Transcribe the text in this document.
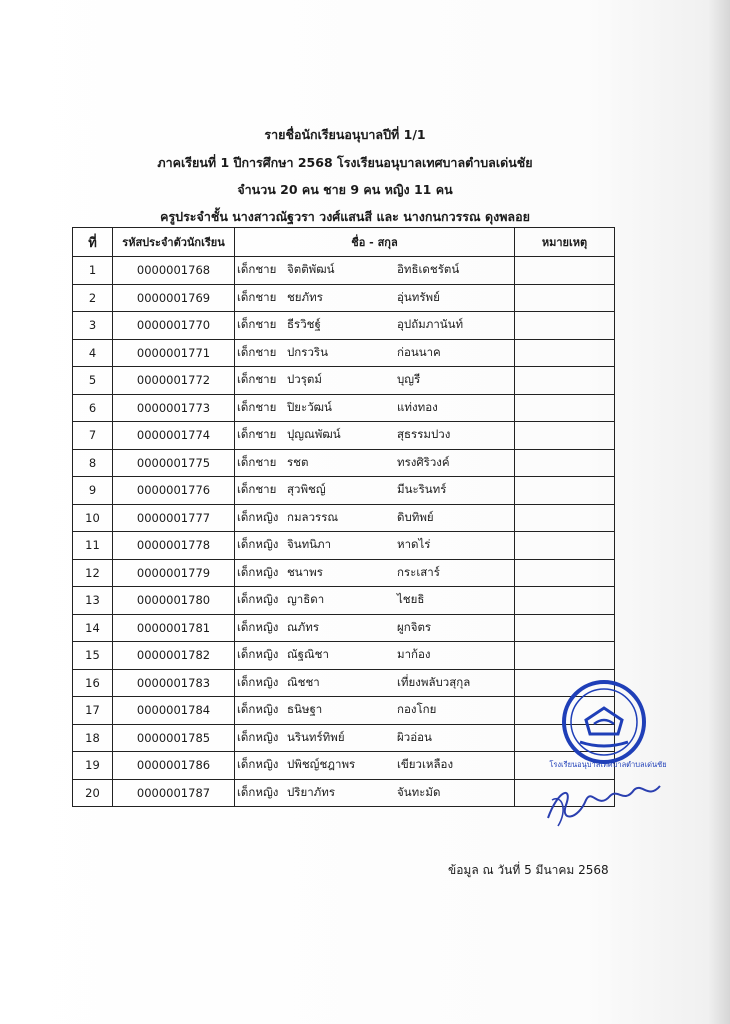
รายชื่อนักเรียนอนุบาลปีที่ 1/1
ภาคเรียนที่ 1 ปีการศึกษา 2568 โรงเรียนอนุบาลเทศบาลตำบลเด่นชัย
จำนวน 20 คน ชาย 9 คน หญิง 11 คน
ครูประจำชั้น นางสาวณัฐวรา วงศ์แสนสี และ นางกนกวรรณ ดุงพลอย
ที่	รหัสประจำตัวนักเรียน	ชื่อ - สกุล	หมายเหตุ
1	0000001768	เด็กชาย จิตติพัฒน์ อิทธิเดชรัตน์	

2	0000001769	เด็กชาย ชยภัทร อุ่นทรัพย์	

3	0000001770	เด็กชาย ธีรวิชฐ์ อุปถัมภานันท์	

4	0000001771	เด็กชาย ปกรวริน ก่อนนาค	

5	0000001772	เด็กชาย ปวรุตม์ บุญรี	

6	0000001773	เด็กชาย ปิยะวัฒน์ แท่งทอง	

7	0000001774	เด็กชาย ปุญณพัฒน์ สุธรรมปวง	

8	0000001775	เด็กชาย รชต ทรงศิริวงค์	

9	0000001776	เด็กชาย สุวพิชญ์ มีนะรินทร์	

10	0000001777	เด็กหญิง กมลวรรณ ดิบทิพย์	

11	0000001778	เด็กหญิง จินทนิภา หาดไร่	

12	0000001779	เด็กหญิง ชนาพร กระเสาร์	

13	0000001780	เด็กหญิง ญาธิดา ไชยธิ	

14	0000001781	เด็กหญิง ณภัทร ผูกจิตร	

15	0000001782	เด็กหญิง ณัฐณิชา มาก้อง	

16	0000001783	เด็กหญิง ณิชชา เที่ยงพลับวสุกุล	

17	0000001784	เด็กหญิง ธนิษฐา กองโกย	

18	0000001785	เด็กหญิง นรินทร์ทิพย์ ผิวอ่อน	

19	0000001786	เด็กหญิง ปพิชญ์ชฎาพร เขียวเหลือง	

20	0000001787	เด็กหญิง ปริยาภัทร จันทะมัด	

โรงเรียนอนุบาลเทศบาลตำบลเด่นชัย
ข้อมูล ณ วันที่ 5 มีนาคม 2568
